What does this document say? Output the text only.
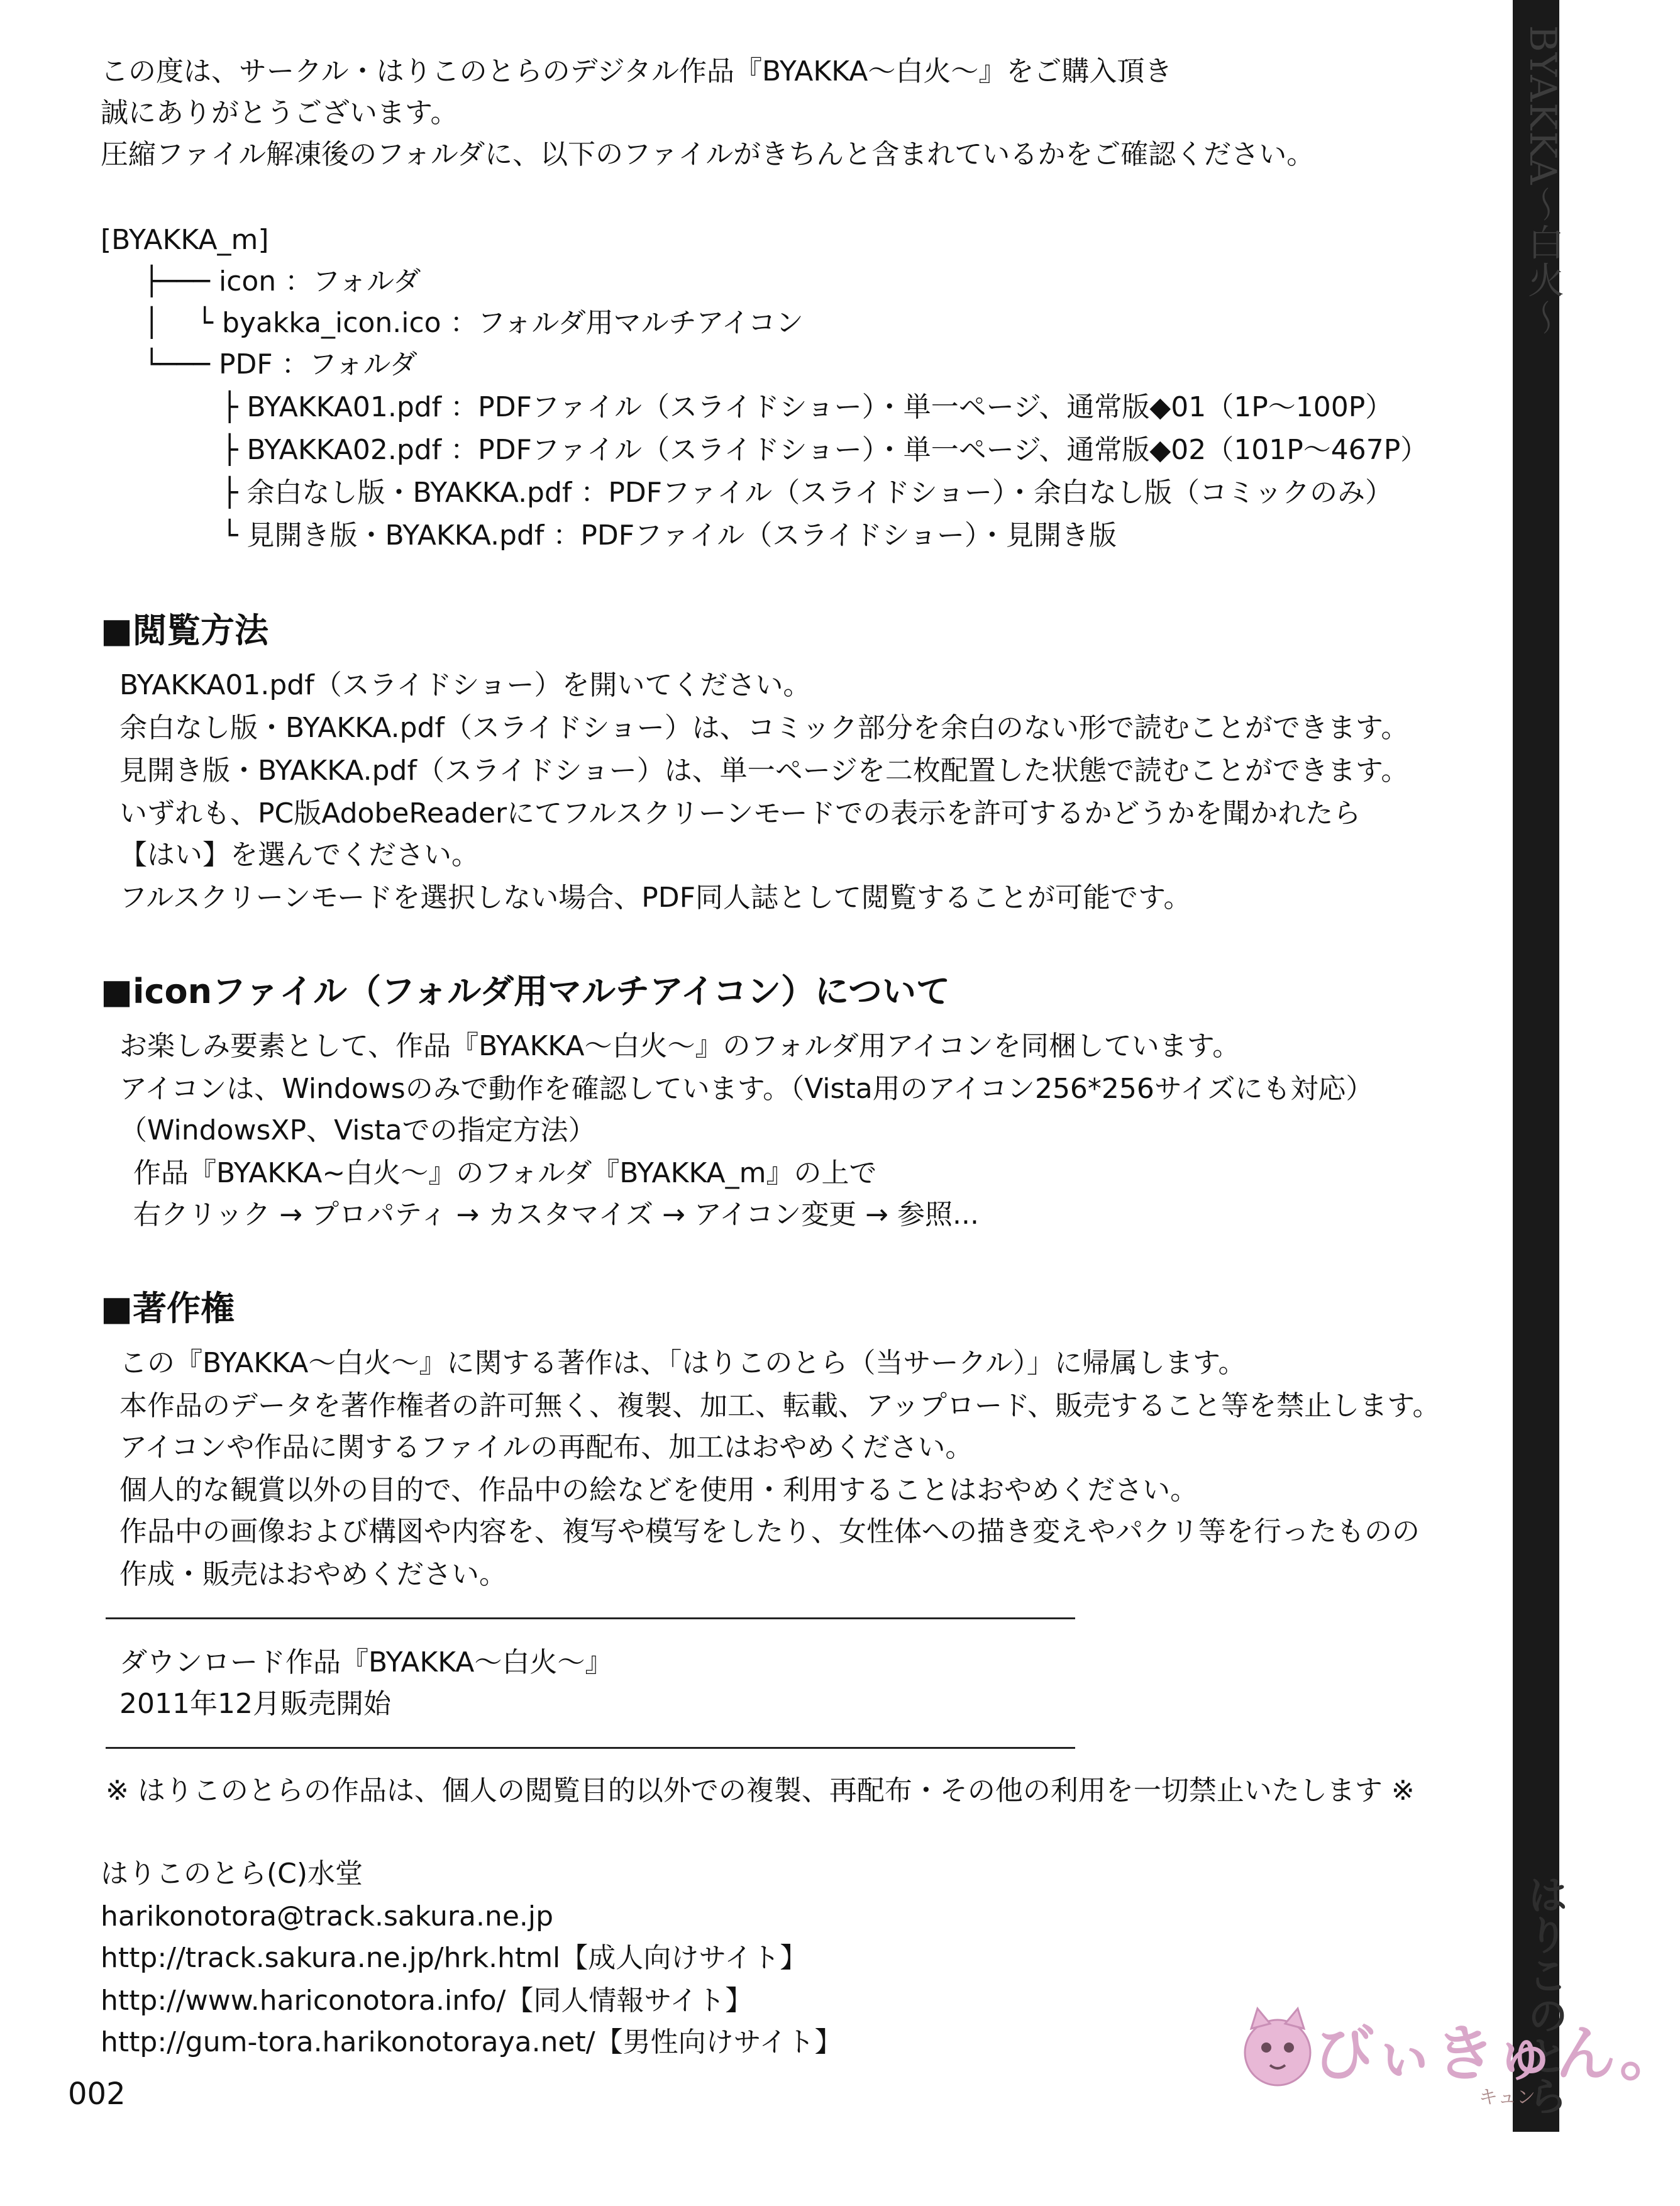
この度は、サークル・はりこのとらのデジタル作品『BYAKKA～白火～』をご購入頂き
誠にありがとうございます。
圧縮ファイル解凍後のフォルダに、以下のファイルがきちんと含まれているかをご確認ください。
[BYAKKA_m]
├─── icon ：フォルダ
│　 └ byakka_icon.ico ：フォルダ用マルチアイコン
└─── PDF ：フォルダ
├ BYAKKA01.pdf ：PDFファイル（スライドショー）・単一ページ、通常版◆01（1P～100P）
├ BYAKKA02.pdf ：PDFファイル（スライドショー）・単一ページ、通常版◆02（101P～467P）
├ 余白なし版・BYAKKA.pdf ：PDFファイル（スライドショー）・余白なし版（コミックのみ）
└ 見開き版・BYAKKA.pdf ：PDFファイル（スライドショー）・見開き版
■閲覧方法
BYAKKA01.pdf（スライドショー）を開いてください。
余白なし版・BYAKKA.pdf（スライドショー）は、コミック部分を余白のない形で読むことができます。
見開き版・BYAKKA.pdf（スライドショー）は、単一ページを二枚配置した状態で読むことができます。
いずれも、PC版AdobeReaderにてフルスクリーンモードでの表示を許可するかどうかを聞かれたら
【はい】を選んでください。
フルスクリーンモードを選択しない場合、PDF同人誌として閲覧することが可能です。
■iconファイル（フォルダ用マルチアイコン）について
お楽しみ要素として、作品『BYAKKA～白火～』のフォルダ用アイコンを同梱しています。
アイコンは、Windowsのみで動作を確認しています。（Vista用のアイコン256*256サイズにも対応）
（WindowsXP、Vistaでの指定方法）
作品『BYAKKA~白火～』のフォルダ『BYAKKA_m』の上で
右クリック → プロパティ → カスタマイズ → アイコン変更 → 参照...
■著作権
この『BYAKKA～白火～』に関する著作は、「はりこのとら（当サークル）」に帰属します。
本作品のデータを著作権者の許可無く、複製、加工、転載、アップロード、販売すること等を禁止します。
アイコンや作品に関するファイルの再配布、加工はおやめください。
個人的な観賞以外の目的で、作品中の絵などを使用・利用することはおやめください。
作品中の画像および構図や内容を、複写や模写をしたり、女性体への描き変えやパクリ等を行ったものの
作成・販売はおやめください。
ダウンロード作品『BYAKKA～白火～』
2011年12月販売開始
※ はりこのとらの作品は、個人の閲覧目的以外での複製、再配布・その他の利用を一切禁止いたします ※
はりこのとら(C)水堂
harikonotora@track.sakura.ne.jp
http://track.sakura.ne.jp/hrk.html【成人向けサイト】
http://www.hariconotora.info/【同人情報サイト】
http://gum-tora.harikonotoraya.net/【男性向けサイト】
002
BYAKKA～白火～
はりこのとら
びぃきゅん。
キュン
